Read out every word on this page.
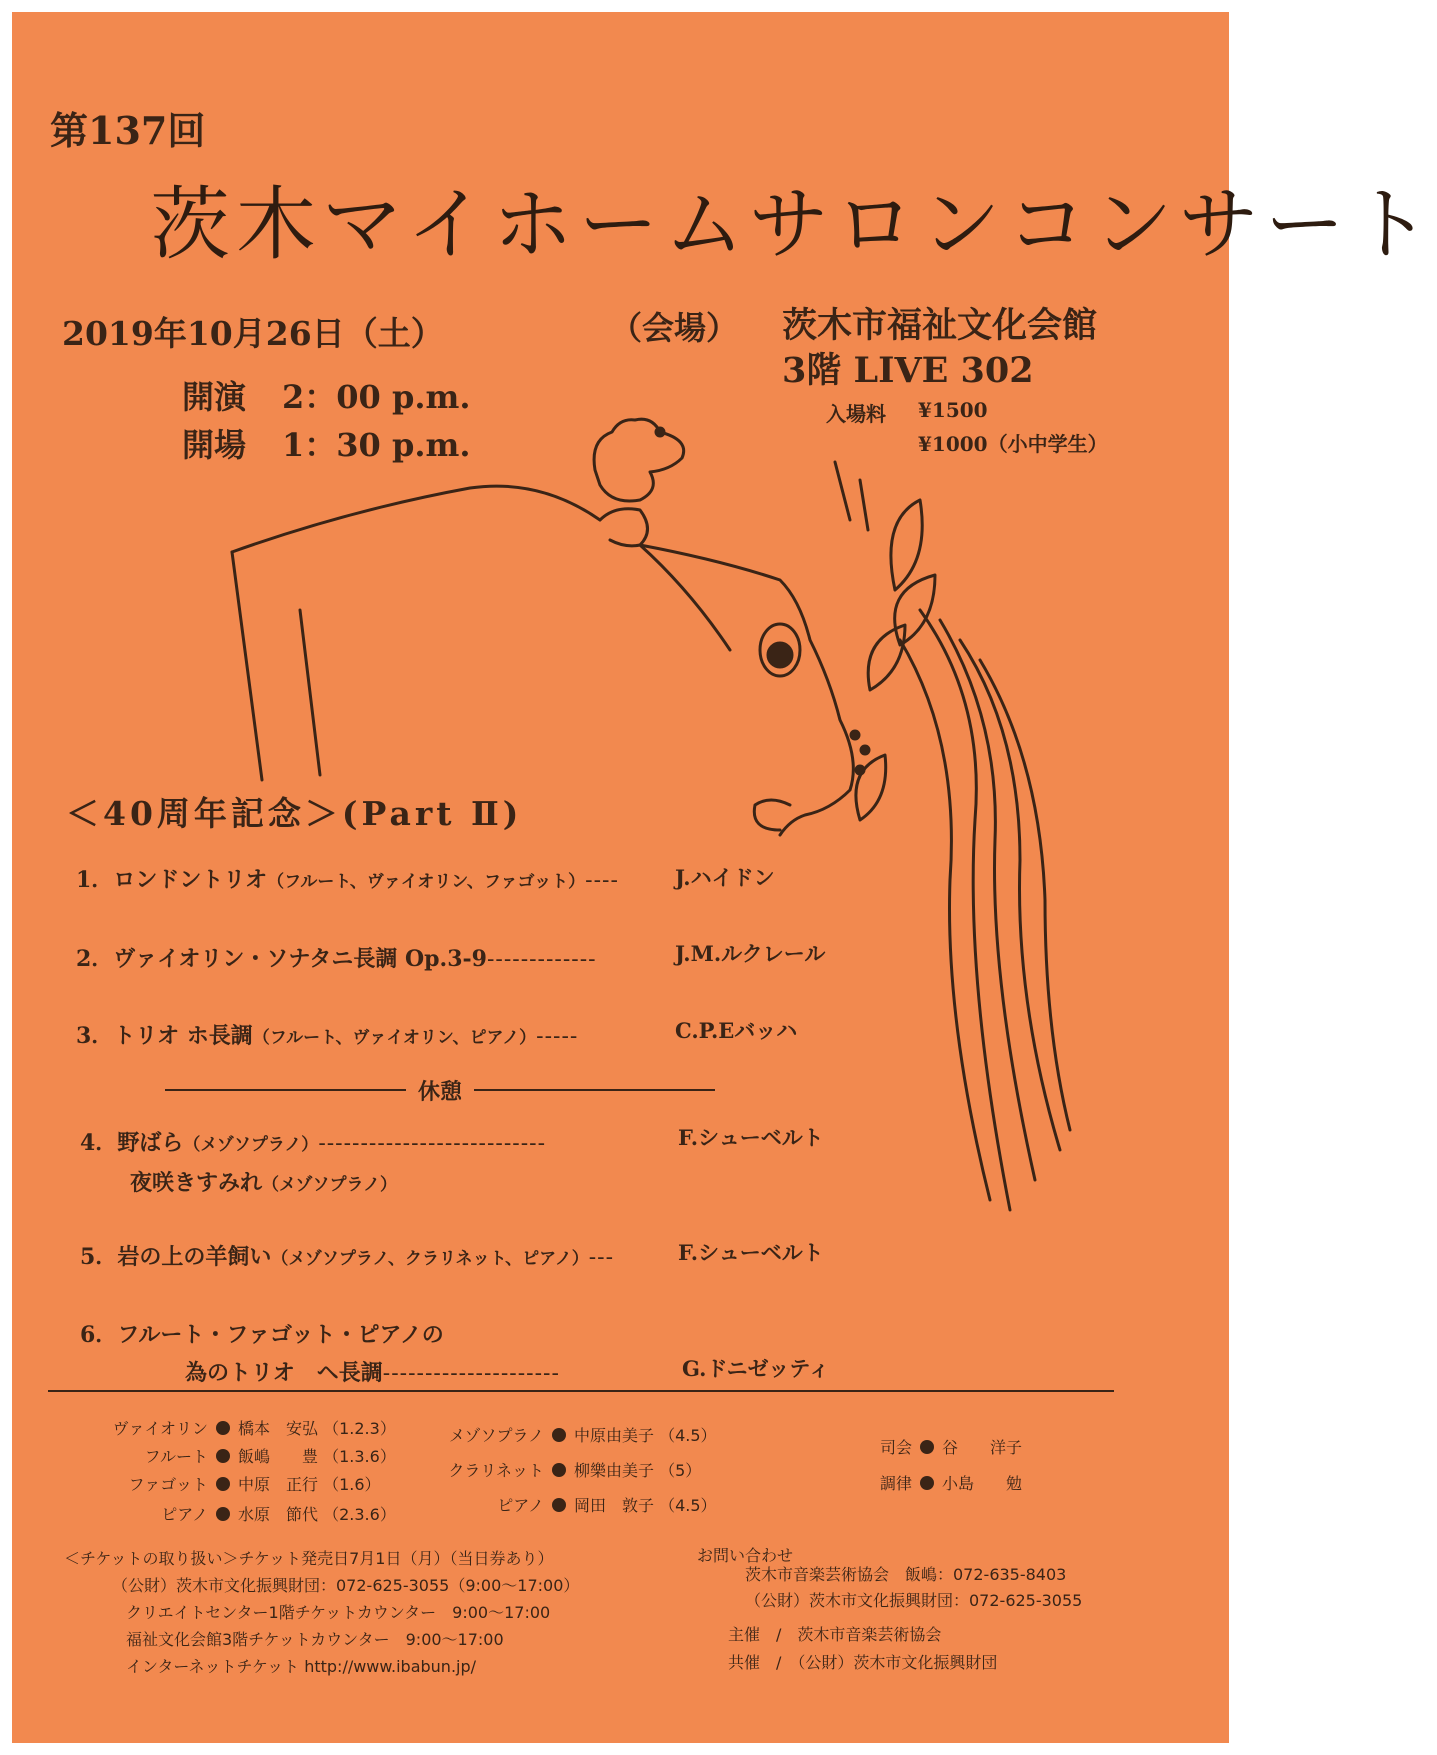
第137回
茨木マイホームサロンコンサート
2019年10月26日（土）
開演 2：00 p.m.
開場 1：30 p.m.
（会場） 茨木市福祉文化会館
3階 LIVE 302
入場料 ¥1500
¥1000（小中学生）
＜40周年記念＞(Part Ⅱ)
1．ロンドントリオ（フルート、ヴァイオリン、ファゴット）----	J.ハイドン
2．ヴァイオリン・ソナタニ長調 Op.3-9-------------	J.M.ルクレール
3．トリオ ホ長調（フルート、ヴァイオリン、ピアノ）-----	C.P.Eバッハ
休憩
4．野ばら（メゾソプラノ）---------------------------	F.シューベルト
夜咲きすみれ（メゾソプラノ）
5．岩の上の羊飼い（メゾソプラノ、クラリネット、ピアノ）---	F.シューベルト
6．フルート・ファゴット・ピアノの
為のトリオ　ヘ長調---------------------	G.ドニゼッティ
ヴァイオリン 橋本　安弘 （1.2.3）
フルート 飯嶋　　豊 （1.3.6）
ファゴット 中原　正行 （1.6）
ピアノ 水原　節代 （2.3.6）
メゾソプラノ 中原由美子 （4.5）
クラリネット 柳樂由美子 （5）
ピアノ 岡田　敦子 （4.5）
司会 谷　　洋子
調律 小島　　勉
＜チケットの取り扱い＞チケット発売日7月1日（月）（当日券あり）
（公財）茨木市文化振興財団：072-625-3055（9:00～17:00）
クリエイトセンター1階チケットカウンター　9:00～17:00
福祉文化会館3階チケットカウンター　9:00～17:00
インターネットチケット http://www.ibabun.jp/
お問い合わせ
茨木市音楽芸術協会　飯嶋：072-635-8403
（公財）茨木市文化振興財団：072-625-3055
主催　/　茨木市音楽芸術協会
共催　/　（公財）茨木市文化振興財団
